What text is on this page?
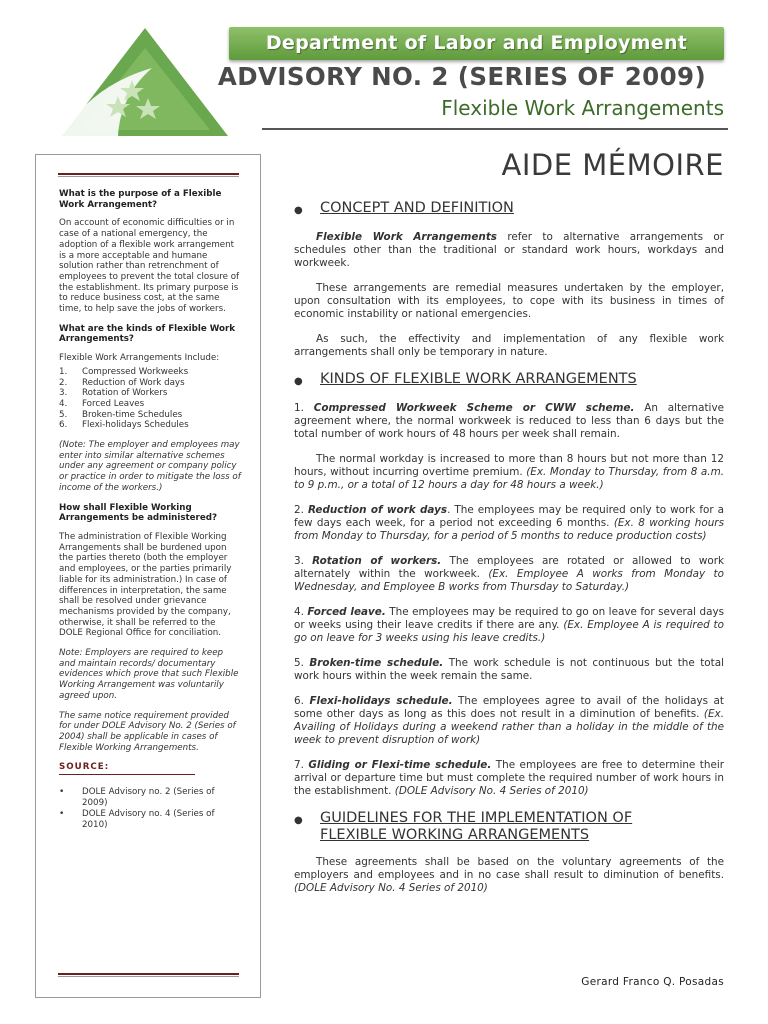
Department of Labor and Employment
ADVISORY NO. 2 (SERIES OF 2009)
Flexible Work Arrangements
What is the purpose of a Flexible Work Arrangement?

On account of economic difficulties or in case of a national emergency, the adoption of a flexible work arrangement is a more acceptable and humane solution rather than retrenchment of employees to prevent the total closure of the establishment. Its primary purpose is to reduce business cost, at the same time, to help save the jobs of workers.

What are the kinds of Flexible Work Arrangements?

Flexible Work Arrangements Include:

1.	Compressed Workweeks
2.	Reduction of Work days
3.	Rotation of Workers
4.	Forced Leaves
5.	Broken-time Schedules
6.	Flexi-holidays Schedules

(Note: The employer and employees may enter into similar alternative schemes under any agreement or company policy or practice in order to mitigate the loss of income of the workers.)

How shall Flexible Working Arrangements be administered?

The administration of Flexible Working Arrangements shall be burdened upon the parties thereto (both the employer and employees, or the parties primarily liable for its administration.) In case of differences in interpretation, the same shall be resolved under grievance mechanisms provided by the company, otherwise, it shall be referred to the DOLE Regional Office for conciliation.

Note: Employers are required to keep and maintain records/ documentary evidences which prove that such Flexible Working Arrangement was voluntarily agreed upon.

The same notice requirement provided for under DOLE Advisory No. 2 (Series of 2004) shall be applicable in cases of Flexible Working Arrangements.

SOURCE:
•	DOLE Advisory no. 2 (Series of 2009)
•	DOLE Advisory no. 4 (Series of 2010)
AIDE MÉMOIRE
●	CONCEPT AND DEFINITION

Flexible Work Arrangements refer to alternative arrangements or schedules other than the traditional or standard work hours, workdays and workweek.

These arrangements are remedial measures undertaken by the employer, upon consultation with its employees, to cope with its business in times of economic instability or national emergencies.

As such, the effectivity and implementation of any flexible work arrangements shall only be temporary in nature.

●	KINDS OF FLEXIBLE WORK ARRANGEMENTS

1. Compressed Workweek Scheme or CWW scheme. An alternative agreement where, the normal workweek is reduced to less than 6 days but the total number of work hours of 48 hours per week shall remain.

The normal workday is increased to more than 8 hours but not more than 12 hours, without incurring overtime premium. (Ex. Monday to Thursday, from 8 a.m. to 9 p.m., or a total of 12 hours a day for 48 hours a week.)

2. Reduction of work days. The employees may be required only to work for a few days each week, for a period not exceeding 6 months. (Ex. 8 working hours from Monday to Thursday, for a period of 5 months to reduce production costs)

3. Rotation of workers. The employees are rotated or allowed to work alternately within the workweek. (Ex. Employee A works from Monday to Wednesday, and Employee B works from Thursday to Saturday.)

4. Forced leave. The employees may be required to go on leave for several days or weeks using their leave credits if there are any. (Ex. Employee A is required to go on leave for 3 weeks using his leave credits.)

5. Broken-time schedule. The work schedule is not continuous but the total work hours within the week remain the same.

6. Flexi-holidays schedule. The employees agree to avail of the holidays at some other days as long as this does not result in a diminution of benefits. (Ex. Availing of Holidays during a weekend rather than a holiday in the middle of the week to prevent disruption of work)

7. Gliding or Flexi-time schedule. The employees are free to determine their arrival or departure time but must complete the required number of work hours in the establishment. (DOLE Advisory No. 4 Series of 2010)

●	GUIDELINES FOR THE IMPLEMENTATION OF
FLEXIBLE WORKING ARRANGEMENTS

These agreements shall be based on the voluntary agreements of the employers and employees and in no case shall result to diminution of benefits. (DOLE Advisory No. 4 Series of 2010)

Gerard Franco Q. Posadas
